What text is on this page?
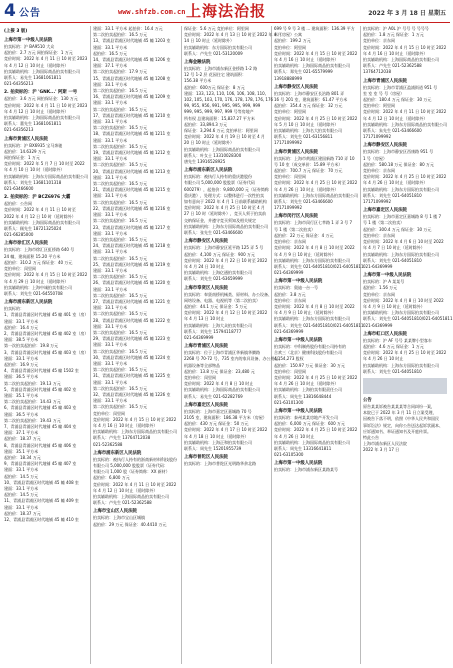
4 公告	www.shfzb.com.cn 上海法治报	2022 年 3 月 18 日 星期五

(上接 3 版)

上海市第一中级人民法院

拍卖标的：沪 BA9510 大众

起拍价：2.7 万元 网拍保证金：1 万元

竞价时间：2022 年 4 月 11 日 10 时至 2023

年 4 月 12 日 10 时止（延时除外）

拍卖辅助机构：上海国际商品拍卖有限公司

联系人：易先生 13681061811

021-64356213

2. 拍卖标的：沪 'GNK...' 阿斯 一号

起拍价：3.6 万元 网拍保证金：130 万元

竞价时间：2022 年 4 月 11 日 10 时至 2023

年 4 月 12 日 10 时止（延时除外）

拍卖辅助机构：上海国际商品拍卖有限公司

联系人：董先生 13681061811

021-64356213

上海市黄浦区人民法院

拍卖标的：沪 BX6935 宝马奔驰

起拍价：14.6329 万元

网拍保证金：1 万元

竞价时间：2022 年 5 月 7 日 10 时至 2022

年 4 月 10 日 10 时（延时除外）

拍卖辅助机构：上海东方国际商品拍卖有限公司

联系人：刘先生 13681101318

021-63466600

2. 拍卖标的：沪 BCZ6976 大霸

起拍价：公告网

竞价时间：2022 年 4 月 11 日 10 时至

2022 年 4 月 12 日 10 时（延时除外）

拍卖辅助机构：上海国际商品拍卖有限公司

联系人：顾先生 18721325024

021-66285000

上海市徐汇区人民法院

拍卖标的：上海市徐汇区虹桥路 640 号

24 幢，建筑面积 15.20 平方米

起拍价：310.2 万元 保证金：40 万元

竞拍单位：闵里网

竞价时间：2022 年 4 月 15 日 10 时至 2022

年 4 月 29 日 10 时止（延时除外）

拍卖辅助机构：上海中诚拍卖有限公司

联系人：刘先生 021-64550708

上海市浦东新区人民法院

拍卖标的：

1、青浦县青浦区时代地铺 45 幢 401 室（房）

建面：33.1 平方米

起拍价：16.4 万元

2、青浦县青浦区时代地铺 45 幢 402 室（房）

建面：38.5 平方米

第一次拍卖起拍价：19.8 万元

3、青浦县青浦区时代地铺 45 幢 403 室（房）

建面：33.1 平方米

起拍价：16.9 万元

4、青浦县青浦区时代地铺 45 幢 1502 室

建面：36.5 平方米

第二次拍卖起拍价：19.13 万元

5、青浦县青浦区时代地铺 45 幢 402 室

建面：35.1 平方米

第二次拍卖起拍价：14.43 万元

6、青浦县青浦区时代地铺 45 幢 403 室

建面：36.5 平方米

第二次拍卖起拍价：19.43 万元

7、青浦县青浦区时代地铺 45 幢 404 室

建面：37.1 平方米

起拍价：18.37 万元

8、青浦县青浦区时代地铺 45 幢 406 室

建面：35.1 平方米

起拍价：18.34 万元

9、青浦县青浦区时代地铺 45 幢 407 室

建面：33.1 平方米

起拍价：14.5 万元

10、青浦县青浦区时代地铺 45 幢 408 室

建面：33.1 平方米

起拍价：14.5 万元

11、青浦县青浦区时代地铺 45 幢 409 室

建面：33.1 平方米

起拍价：18.37 万元

12、青浦县青浦区时代地铺 45 幢 410 室

建面：33.1 平方米 起拍价：16.4 万元

第二次拍卖起拍价：16.5 万元

13、青浦县青浦区时代地铺 45 幢 1203 室

建面：33.1 平方米

起拍价：16.5 万元

14、青浦县青浦区时代地铺 45 幢 1206 室

建面：37.1 平方米

第二次拍卖起拍价：17.9 万元

15、青浦县青浦区时代地铺 45 幢 1208 室

建面：33.1 平方米

第二次拍卖起拍价：16.5 万元

16、青浦县青浦区时代地铺 45 幢 1209 室

建面：33.1 平方米

第二次拍卖起拍价：16.5 万元

17、青浦县青浦区时代地铺 45 幢 1210 室

建面：33.1 平方米

第二次拍卖起拍价：16.5 万元

18、青浦县青浦区时代地铺 45 幢 1211 室

建面：33.1 平方米

第二次拍卖起拍价：16.5 万元

19、青浦县青浦区时代地铺 45 幢 1212 室

建面：33.1 平方米

第二次拍卖起拍价：16.5 万元

20、青浦县青浦区时代地铺 45 幢 1213 室

建面：33.1 平方米

第二次拍卖起拍价：16.5 万元

21、青浦县青浦区时代地铺 45 幢 1215 室

建面：33.1 平方米

第二次拍卖起拍价：16.5 万元

22、青浦县青浦区时代地铺 45 幢 1216 室

建面：33.1 平方米

第二次拍卖起拍价：16.5 万元

23、青浦县青浦区时代地铺 45 幢 1217 室

建面：33.1 平方米

第二次拍卖起拍价：16.5 万元

24、青浦县青浦区时代地铺 45 幢 1218 室

建面：33.1 平方米

第二次拍卖起拍价：16.5 万元

25、青浦县青浦区时代地铺 45 幢 1219 室

建面：33.1 平方米

第二次拍卖起拍价：16.5 万元

26、青浦县青浦区时代地铺 45 幢 1220 室

建面：33.1 平方米

第二次拍卖起拍价：16.5 万元

27、青浦县青浦区时代地铺 45 幢 1221 室

建面：33.1 平方米

第二次拍卖起拍价：16.5 万元

28、青浦县青浦区时代地铺 45 幢 1222 室

建面：33.1 平方米

第二次拍卖起拍价：16.5 万元

29、青浦县青浦区时代地铺 45 幢 1223 室

建面：33.1 平方米

第二次拍卖起拍价：16.5 万元

30、青浦县青浦区时代地铺 45 幢 1224 室

建面：33.1 平方米

第二次拍卖起拍价：16.5 万元

31、青浦县青浦区时代地铺 45 幢 1225 室

建面：33.1 平方米

第二次拍卖起拍价：16.5 万元

32、青浦县青浦区时代地铺 45 幢 1226 室

建面：33.1 平方米

第二次拍卖起拍价：16.5 万元

竞拍单位：闵里网

竞价时间：2022 年 4 月 15 日 10 时至 2022

年 4 月 16 日 10 时止（延时除外）

拍卖辅助机构：上海东方国际商品拍卖有限公司

联系人：卢先生 13764712038

021-52362588

上海市浦东新区人民法院

拍卖标的：被执行人持有的浙商新材料科技股份

有限公司 5,000,000 股股票（证券代码：

有限公司 1,000 股（证券简称：XX 新材）

起拍价：6,800 万元

竞价时间：2022 年 4 月 11 日 10 时至 2022

年 4 月 12 日 10 时止（延时除外）

拍卖辅助机构：上海国际商品拍卖有限公司

联系人：卢先生 021-52362588

上海市宝山区人民法院

拍卖标的：上海市宝山区城镇

起拍价：29 万元 保证金：40.4410 万元

保证金：5.6 万元 竞拍单位：阿里网

竞价时间：2022 年 4 月 13 日 10 时至 2022 年 4 月

14 日 10 时止（延时除外）

拍卖辅助机构：东方国际拍卖有限公司

联系人：卢先生 021-53120009

上海金融法院

拍卖标的：上海市浦东新区金桥路 1-2 路

12 号 1-2 层 花园住宅 建筑面积：

156.38 平方米

起拍价：600万元 保证金：8 万元

建面：133, 123, 110, 106, 106, 108, 110,

102, 105, 103, 170, 176, 178, 178, 176, 176

99, 955, 956, 991, 995, 995, 999, 999

999, 995, 999, 997, 999 号等房地产

所有权 总建筑面积：15,837.27 平方米

起拍价：33,894.3 万元

保证金：3,294.6 万元 竞拍单位：阿里网

竞价时间：2022 年 4 月 19 日 10 时至 4 月

20 日 10 时止（延时除外）

拍卖辅助机构：上海国际商品拍卖有限公司

联系人：叶女士 13310028300

唐先生 13916528925

上海市浦东新区人民法院

拍卖标的：被执行人持有的重庆港股份

有限公司 5,000,000 股股票（证券代码

600279），起拍价：9,800,000 元（证券简称

重庆港），处理方式：以整体进行一次性拍卖

如有意向于 2022 年 4 月 1 日前联系辅助机构

竞价时间：2022 年 4 月 25 日 10 时至 4 月

27 日 10 时（延时除外），竞买人须于拍卖前

交纳保证金，并遵守竞买须知及相关规定

拍卖辅助机构：上海东方国际商品拍卖有限公司

联系人：张先生 021-63466600

上海市静安区人民法院

拍卖标的：上海市静安区延平路 125 弄 5 号

起拍价：4,100 万元 保证金：900 万元

竞价时间：2022 年 4 月 22 日 10 时至 2022

年 4 月 24 日 10 时止

拍卖辅助机构：上海亿通拍卖有限公司

联系人：刘先生 021-63659999

上海市奉贤区人民法院

拍卖标的：奉贤南桥机械类、原材料、办公设备、

网络设备、电器、电视机等（第二次拍卖）

起拍价：44.1 万元 保证金：5 万元

竞价时间：2022 年 4 月 12 日 10 时至 2022

年 4 月 13 日 10 时止

拍卖辅助机构：上海大众拍卖有限公司

联系人：刘先生 15794118777

021-64369999

上海市青浦区人民法院

拍卖标的：位于上海市青浦区华新镇华腾路

2268 号 70-72 号，735 室内的家具设备、办公用品、

机器设备等全部物品

起拍价：13.8 万元 保证金：23,480 元

竞拍单位：闵里网

竞价时间：2022 年 4 月 8 日 10 时止

拍卖辅助机构：上海国际商品拍卖有限公司

联系人：易先生 021-62282769

上海市嘉定区人民法院

拍卖标的：上海市嘉定区嘉城路 70 号

2105 室，建筑面积：186.38 平方米（房屋）

起拍价：430 万元 保证金：50 万元

竞价时间：2022 年 4 月 17 日 10 时至 2022

年 4 月 18 日 10 时止（延时除外）

拍卖辅助机构：上海正和拍卖有限公司

联系人：周先生 15201955739

上海市普陀区人民法院

拍卖标的：上海市普陀区光明路华余北路

699 号 9 号 3 楼 ... 建筑面积：136.39 平方

米（房屋）公寓

起拍价：199.2 万元

竞拍单位：阿里网

竞价时间：2022 年 4 月 15 日 10 时至 2022

年 4 月 16 日 10 时止（延时除外）

拍卖辅助机构：上海国际商品拍卖有限公司

联系人：郑先生 021-65579999

13918888999

上海市静安区人民法院

拍卖标的：上海市静安区长治路 801 弄

16 号 201 室，建筑面积：61.47 平方米

起拍价：354.4 万元 保证金：32 万元

竞拍单位：阿里网

竞价时间：2022 年 4 月 25 日 10 时至 2022

年 5 月 10 日 10 时止（延时除外）

拍卖辅助机构：上海名大拍卖有限公司

联系人：刘先生 021-63156811

17171099992

上海市黄浦区人民法院

拍卖标的：上海市黄浦区建国新路 710 弄 10

号 10 室（成交单价：15.89 平方米）

起拍价：700.7 万元 保证金：70 万元

竞拍单位：闵里网

竞价时间：2022 年 4 月 25 日 10 时至 2022

年 4 月 26 日 10 时止（延时除外）

拍卖辅助机构：上海东方国际商品拍卖有限公司

联系人：刘先生 021-63466600

17171099992

上海市闵行区人民法院

拍卖标的：上海市闵行区七莘路 1 弄 3 号 7

号 1 楼（第二次拍卖）

起拍价：22 万元 保证金：4 万元

竞拍单位：京东网

竞价时间：2022 年 4 月 8 日 10 时至 2022

年 4 月 9 日 10 时止（延时除外）

拍卖辅助机构：上海东方国际拍卖有限公司

联系人：刘先生 021-64051810/021-64051811

021-64369999

上海市第一中级人民法院

拍卖标的：奥迪一台一号

起拍价：3.8 万元

竞拍单位：京东网

竞价时间：2022 年 4 月 8 日 10 时至 2022

年 4 月 9 日 10 时止（延时除外）

拍卖辅助机构：上海东方国际拍卖有限公司

联系人：刘先生 021-64051810/021-64051811

021-64369999

上海市第一中级人民法院

拍卖标的：中科制药股份有限公司持有的

合欢三（北京）健康科技股份有限公司

4,154,273 股权

起拍价：150.97 万元 保证金：30 万元

竞拍单位：闵里网

竞价时间：2022 年 4 月 25 日 10 时至 2022

年 4 月 26 日 10 时止（延时除外）

拍卖辅助机构：上海拍卖有限责任公司

联系人：周先生 13816648444

021-63101300

上海市第一中级人民法院

拍卖标的：泰州某某房地产开发公司

起拍价：6,000 万元 保证金：600 万元

竞价时间：2022 年 4 月 25 日 10 时至 2022

年 4 月 26 日 10 时止

拍卖辅助机构：上海国际商品拍卖有限公司

联系人：周先生 13316641811

021-63105300

上海市第一中级人民法院

拍卖标的：上海市浦东新区某路某号

拍卖标的：沪 A0L 沪 号号 号 号号号

起拍价：1.8 万元 保证金：1 万元

竞拍单位：京东网

竞价时间：2022 年 4 月 15 日 10 时至 2022

年 4 月 16 日 10 时止（延时除外）

拍卖辅助机构：上海国际商品拍卖有限公司

联系人：卢先生 021-52362588

13764712038

上海市青浦区人民法院

拍卖标的：上海市青浦区盈浦街道 951 号

室 室 室 号 号（房屋）

起拍价：180.4 万元 保证金：30 万元

竞拍单位：阿里网

竞价时间：2022 年 4 月 11 日 10 时至 2022

年 4 月 12 日 10 时止（延时除外）

拍卖辅助机构：上海东方国际商品拍卖有限公司

联系人：朱先生 021-63466600

17171099992

上海市静安区人民法院

拍卖标的：上海市静安区西康路 951 号

1 号（房屋）

起拍价：580.18 万元 保证金：80 万元

竞拍单位：京东网

竞价时间：2022 年 4 月 25 日 10 时至 2022

年 4 月 26 日 10 时止（延时除外）

拍卖辅助机构：上海东方国际拍卖有限公司

联系人：刘先生 021-64051810

17171099992

上海市嘉定区人民法院

拍卖标的：上海市嘉定区嘉城路 8 号 1 楼 7

号 1 楼（第二次拍卖）

起拍价：300.4 万元 保证金：30 万元

竞拍单位：京东网

竞价时间：2022 年 4 月 6 日 10 时至 2022

年 4 月 7 日 10 时止（延时除外）

拍卖辅助机构：上海东方国际拍卖有限公司

联系人：刘先生 021-64051810

021-64369999

上海市第一中级人民法院

拍卖标的：沪 A 某某号

起拍价：1.56 万元

竞拍单位：京东网

竞价时间：2022 年 4 月 8 日 10 时至 2022

年 4 月 9 日 10 时止（延时除外）

拍卖辅助机构：上海东方国际拍卖有限公司

联系人：刘先生 021-64051810/021-64051811

021-64369999

上海市虹口区人民法院

拍卖标的：沪 AF 号号 某某牌小型客车

起拍价：4.6 万元 保证金：1 万元

竞价时间：2022 年 4 月 25 日 10 时至 2022

年 4 月 26 日 10 时止

拍卖辅助机构：上海东方国际拍卖有限公司

联系人：刘先生 021-64051810

公告

原告某某诉被告某某某等合同纠纷一案，

本院已于 2022 年 3 月 11 日立案受理，

因被告下落不明，依照《中华人民共和国民

事诉讼法》规定，向你公告送达起诉状副本、

应诉通知书、举证通知书及开庭传票。

特此公告

上海市浦东新区人民法院

2022 年 3 月 17 日
